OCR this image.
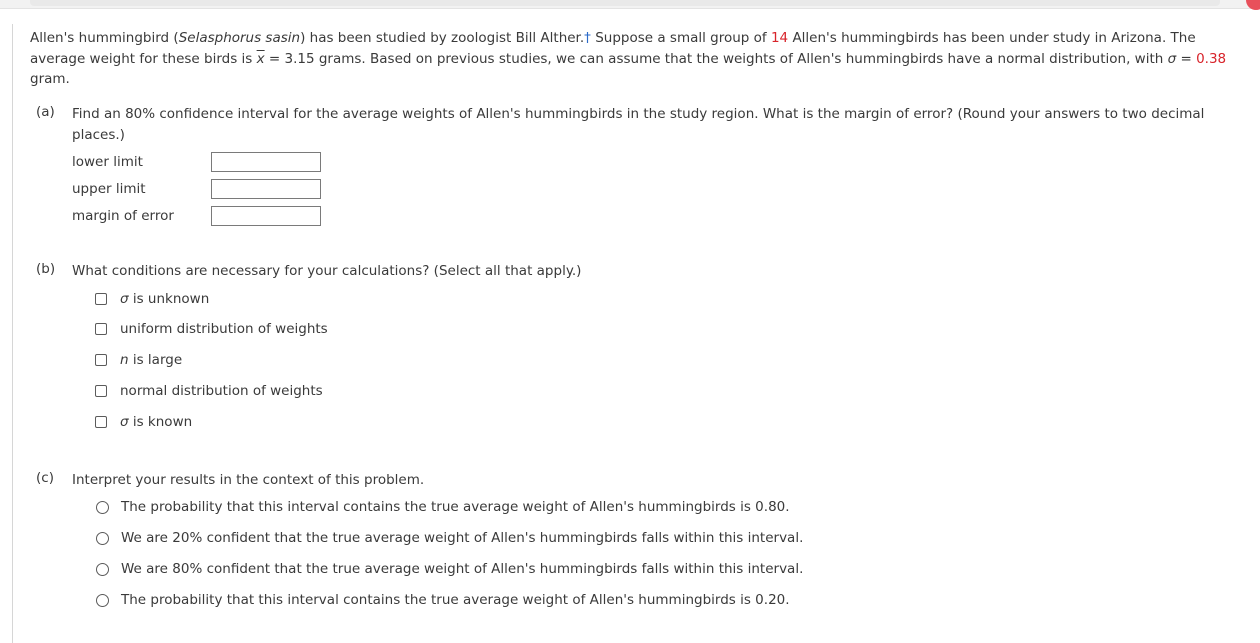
Allen's hummingbird (Selasphorus sasin) has been studied by zoologist Bill Alther.† Suppose a small group of 14 Allen's hummingbirds has been under study in Arizona. The average weight for these birds is $\overline{x} = 3.15$ grams. Based on previous studies, we can assume that the weights of Allen's hummingbirds have a normal distribution, with σ = 0.38 gram.

(a) Find an 80% confidence interval for the average weights of Allen's hummingbirds in the study region. What is the margin of error? (Round your answers to two decimal places.)
lower limit
upper limit
margin of error
(b) What conditions are necessary for your calculations? (Select all that apply.)
σ is unknown
uniform distribution of weights
n is large
normal distribution of weights
σ is known
(c) Interpret your results in the context of this problem.
The probability that this interval contains the true average weight of Allen's hummingbirds is 0.80.
We are 20% confident that the true average weight of Allen's hummingbirds falls within this interval.
We are 80% confident that the true average weight of Allen's hummingbirds falls within this interval.
The probability that this interval contains the true average weight of Allen's hummingbirds is 0.20.
